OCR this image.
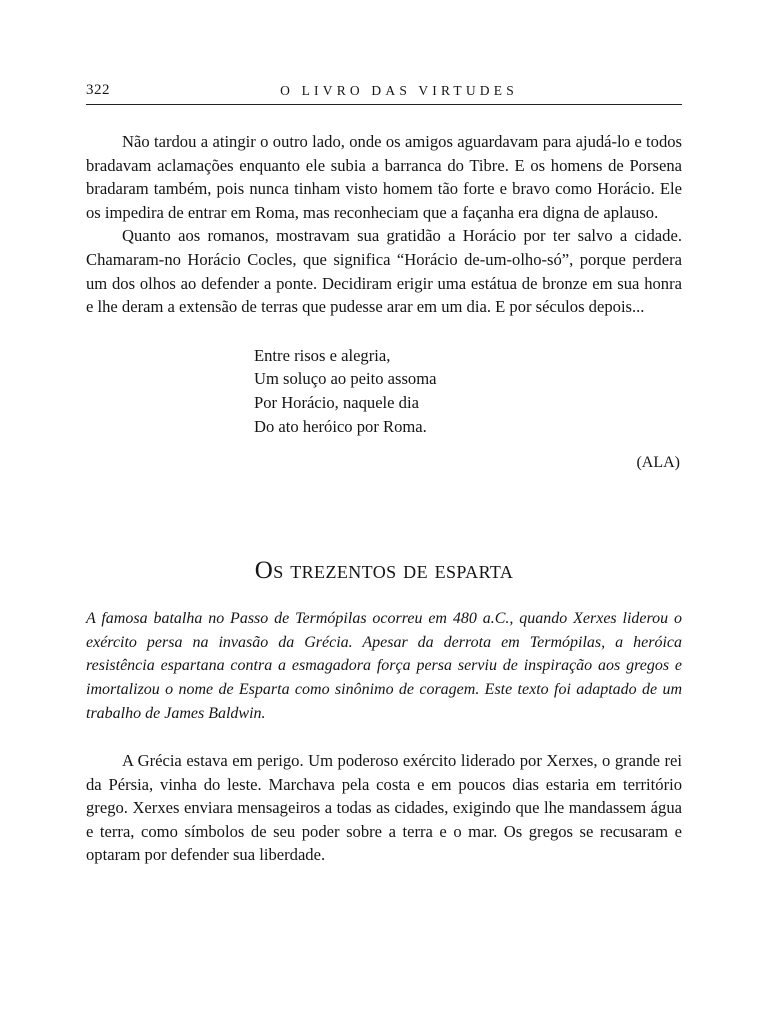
322	O LIVRO DAS VIRTUDES

Não tardou a atingir o outro lado, onde os amigos aguardavam para ajudá-lo e todos bradavam aclamações enquanto ele subia a barranca do Tibre. E os homens de Porsena bradaram também, pois nunca tinham visto homem tão forte e bravo como Horácio. Ele os impedira de entrar em Roma, mas reconheciam que a façanha era digna de aplauso.

Quanto aos romanos, mostravam sua gratidão a Horácio por ter salvo a cidade. Chamaram-no Horácio Cocles, que significa “Horácio de-um-olho-só”, porque perdera um dos olhos ao defender a ponte. Decidiram erigir uma estátua de bronze em sua honra e lhe deram a extensão de terras que pudesse arar em um dia. E por séculos depois...

Entre risos e alegria,
Um soluço ao peito assoma
Por Horácio, naquele dia
Do ato heróico por Roma.
(ALA)
Os trezentos de esparta

A famosa batalha no Passo de Termópilas ocorreu em 480 a.C., quando Xerxes liderou o exército persa na invasão da Grécia. Apesar da derrota em Termópilas, a heróica resistência espartana contra a esmagadora força persa serviu de inspiração aos gregos e imortalizou o nome de Esparta como sinônimo de coragem. Este texto foi adaptado de um trabalho de James Baldwin.

A Grécia estava em perigo. Um poderoso exército liderado por Xerxes, o grande rei da Pérsia, vinha do leste. Marchava pela costa e em poucos dias estaria em território grego. Xerxes enviara mensageiros a todas as cidades, exigindo que lhe mandassem água e terra, como símbolos de seu poder sobre a terra e o mar. Os gregos se recusaram e optaram por defender sua liberdade.
